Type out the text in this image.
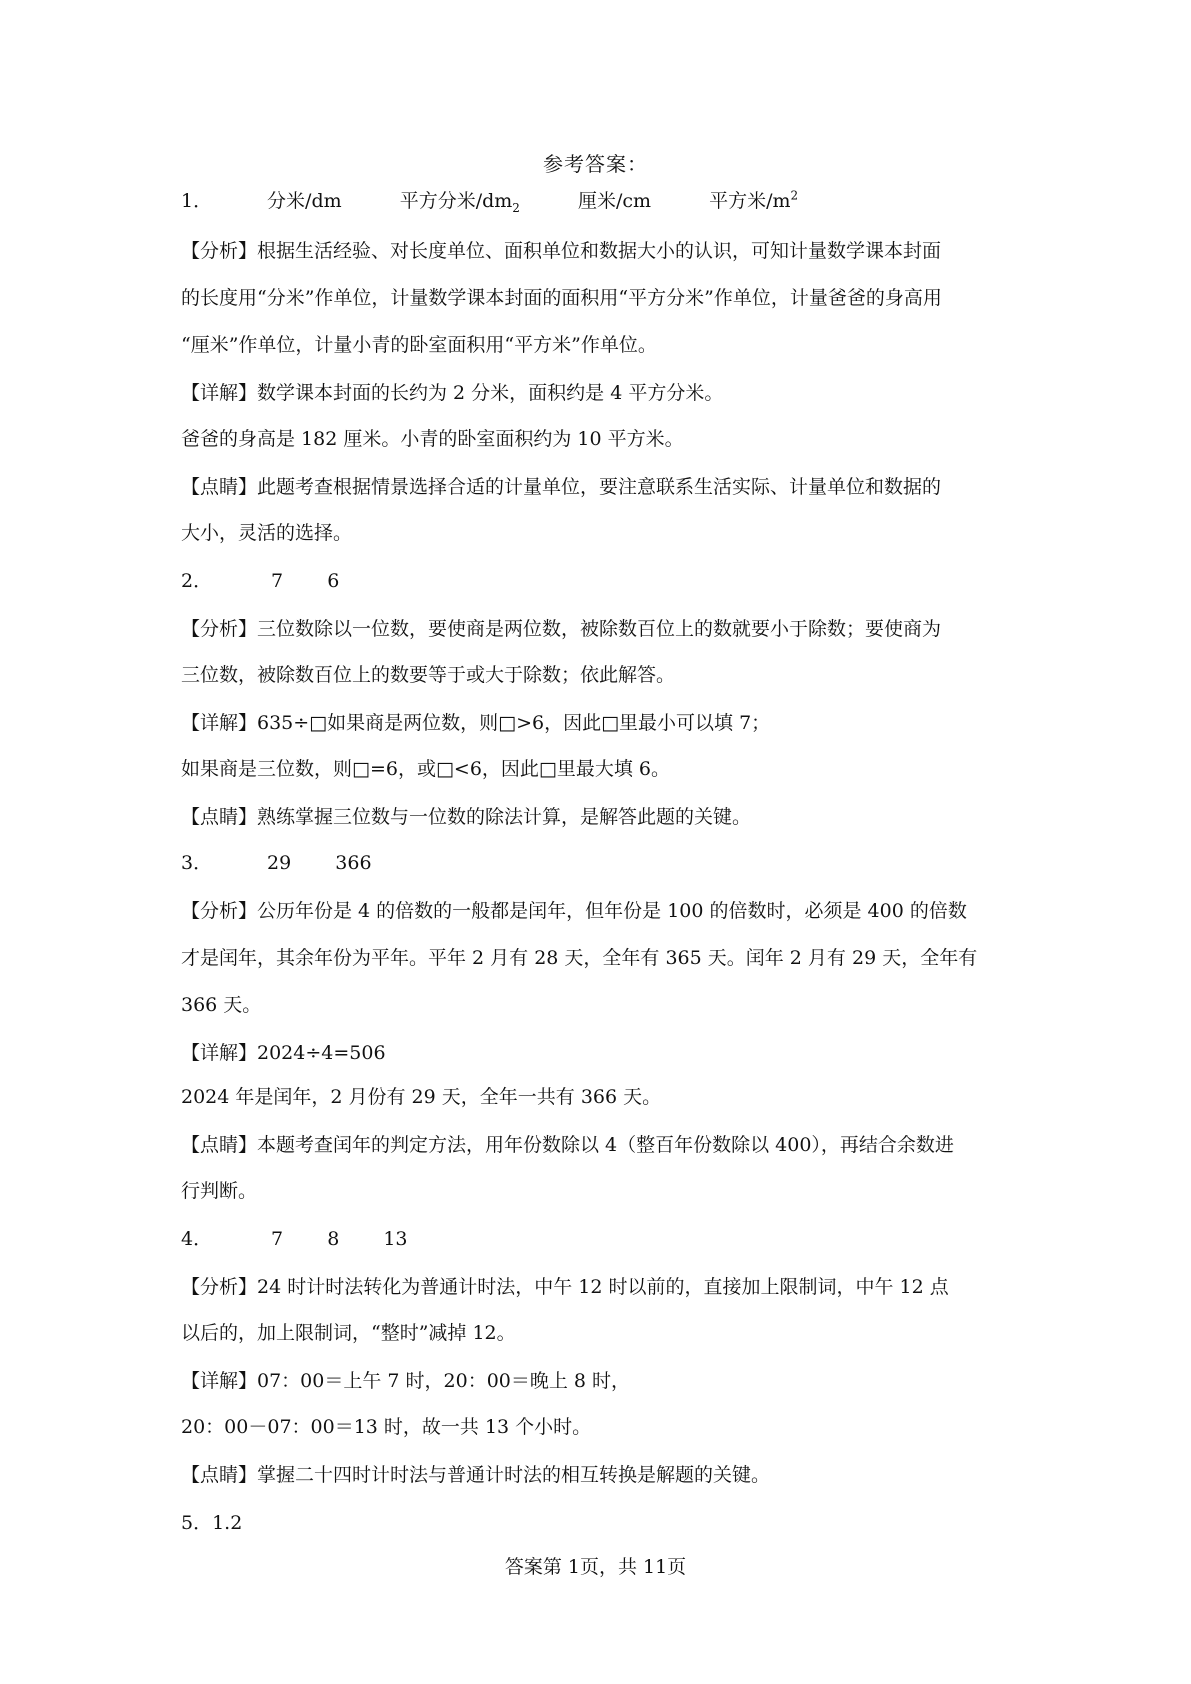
参考答案：
1．	分米/dm	平方分米$/dm_2$	厘米/cm	平方米$/m^2$
【分析】根据生活经验、对长度单位、面积单位和数据大小的认识，可知计量数学课本封面
的长度用“分米”作单位，计量数学课本封面的面积用“平方分米”作单位，计量爸爸的身高用
“厘米”作单位，计量小青的卧室面积用“平方米”作单位。
【详解】数学课本封面的长约为 2 分米，面积约是 4 平方分米。
爸爸的身高是 182 厘米。小青的卧室面积约为 10 平方米。
【点睛】此题考查根据情景选择合适的计量单位，要注意联系生活实际、计量单位和数据的
大小，灵活的选择。
2．	7 6
【分析】三位数除以一位数，要使商是两位数，被除数百位上的数就要小于除数；要使商为
三位数，被除数百位上的数要等于或大于除数；依此解答。
【详解】635÷□如果商是两位数，则□>6，因此□里最小可以填 7；
如果商是三位数，则□=6，或□<6，因此□里最大填 6。
【点睛】熟练掌握三位数与一位数的除法计算，是解答此题的关键。
3．	29 366
【分析】公历年份是 4 的倍数的一般都是闰年，但年份是 100 的倍数时，必须是 400 的倍数
才是闰年，其余年份为平年。平年 2 月有 28 天，全年有 365 天。闰年 2 月有 29 天，全年有
366 天。
【详解】2024÷4=506
2024 年是闰年，2 月份有 29 天，全年一共有 366 天。
【点睛】本题考查闰年的判定方法，用年份数除以 4（整百年份数除以 400），再结合余数进
行判断。
4．	7 8 13
【分析】24 时计时法转化为普通计时法，中午 12 时以前的，直接加上限制词，中午 12 点
以后的，加上限制词，“整时”减掉 12。
【详解】07：00＝上午 7 时，20：00＝晚上 8 时，
20：00－07：00＝13 时，故一共 13 个小时。
【点睛】掌握二十四时计时法与普通计时法的相互转换是解题的关键。
5．1.2
答案第 1页，共 11页
